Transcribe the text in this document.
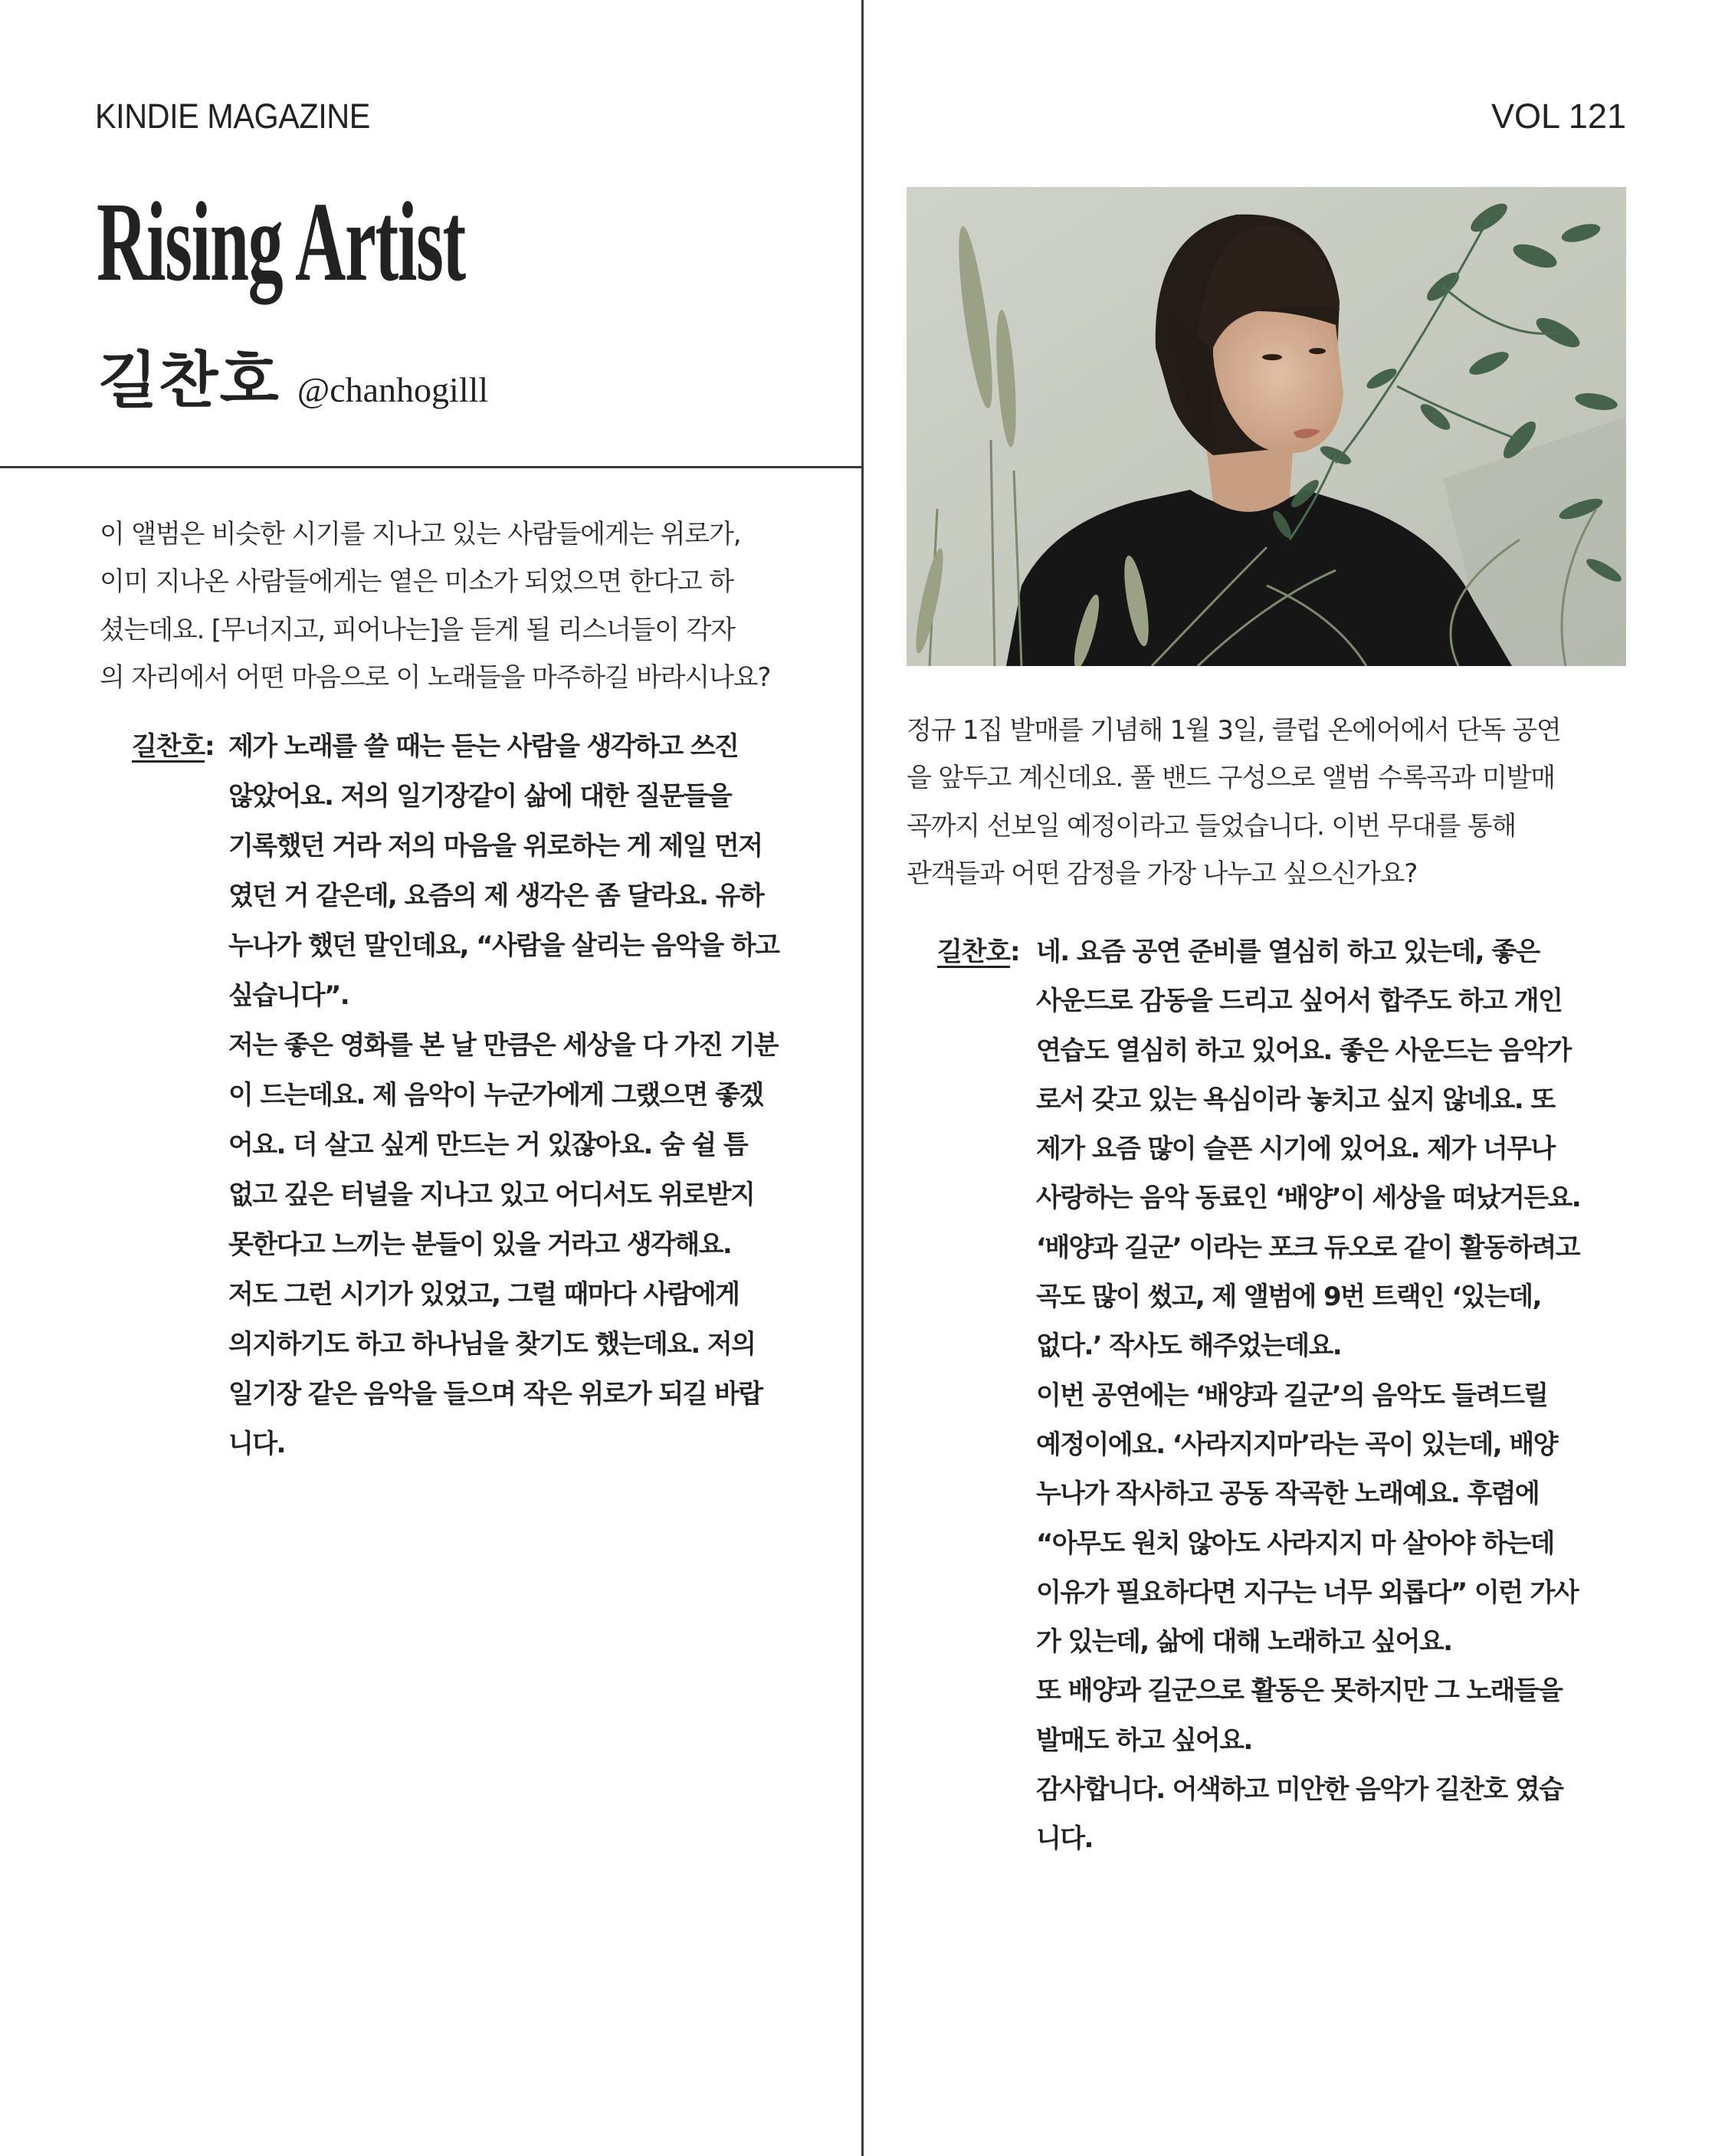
KINDIE MAGAZINE	VOL 121
Rising Artist
길찬호 @chanhogilll
이 앨범은 비슷한 시기를 지나고 있는 사람들에게는 위로가,
이미 지나온 사람들에게는 옅은 미소가 되었으면 한다고 하
셨는데요. [무너지고, 피어나는]을 듣게 될 리스너들이 각자
의 자리에서 어떤 마음으로 이 노래들을 마주하길 바라시나요?
길찬호: 제가 노래를 쓸 때는 듣는 사람을 생각하고 쓰진
않았어요. 저의 일기장같이 삶에 대한 질문들을
기록했던 거라 저의 마음을 위로하는 게 제일 먼저
였던 거 같은데, 요즘의 제 생각은 좀 달라요. 유하
누나가 했던 말인데요, “사람을 살리는 음악을 하고
싶습니다”.
저는 좋은 영화를 본 날 만큼은 세상을 다 가진 기분
이 드는데요. 제 음악이 누군가에게 그랬으면 좋겠
어요. 더 살고 싶게 만드는 거 있잖아요. 숨 쉴 틈
없고 깊은 터널을 지나고 있고 어디서도 위로받지
못한다고 느끼는 분들이 있을 거라고 생각해요.
저도 그런 시기가 있었고, 그럴 때마다 사람에게
의지하기도 하고 하나님을 찾기도 했는데요. 저의
일기장 같은 음악을 들으며 작은 위로가 되길 바랍
니다.
정규 1집 발매를 기념해 1월 3일, 클럽 온에어에서 단독 공연
을 앞두고 계신데요. 풀 밴드 구성으로 앨범 수록곡과 미발매
곡까지 선보일 예정이라고 들었습니다. 이번 무대를 통해
관객들과 어떤 감정을 가장 나누고 싶으신가요?
길찬호: 네. 요즘 공연 준비를 열심히 하고 있는데, 좋은
사운드로 감동을 드리고 싶어서 합주도 하고 개인
연습도 열심히 하고 있어요. 좋은 사운드는 음악가
로서 갖고 있는 욕심이라 놓치고 싶지 않네요. 또
제가 요즘 많이 슬픈 시기에 있어요. 제가 너무나
사랑하는 음악 동료인 ‘배양’이 세상을 떠났거든요.
‘배양과 길군’ 이라는 포크 듀오로 같이 활동하려고
곡도 많이 썼고, 제 앨범에 9번 트랙인 ‘있는데,
없다.’ 작사도 해주었는데요.
이번 공연에는 ‘배양과 길군’의 음악도 들려드릴
예정이에요. ‘사라지지마’라는 곡이 있는데, 배양
누나가 작사하고 공동 작곡한 노래예요. 후렴에
“아무도 원치 않아도 사라지지 마 살아야 하는데
이유가 필요하다면 지구는 너무 외롭다” 이런 가사
가 있는데, 삶에 대해 노래하고 싶어요.
또 배양과 길군으로 활동은 못하지만 그 노래들을
발매도 하고 싶어요.
감사합니다. 어색하고 미안한 음악가 길찬호 였습
니다.
